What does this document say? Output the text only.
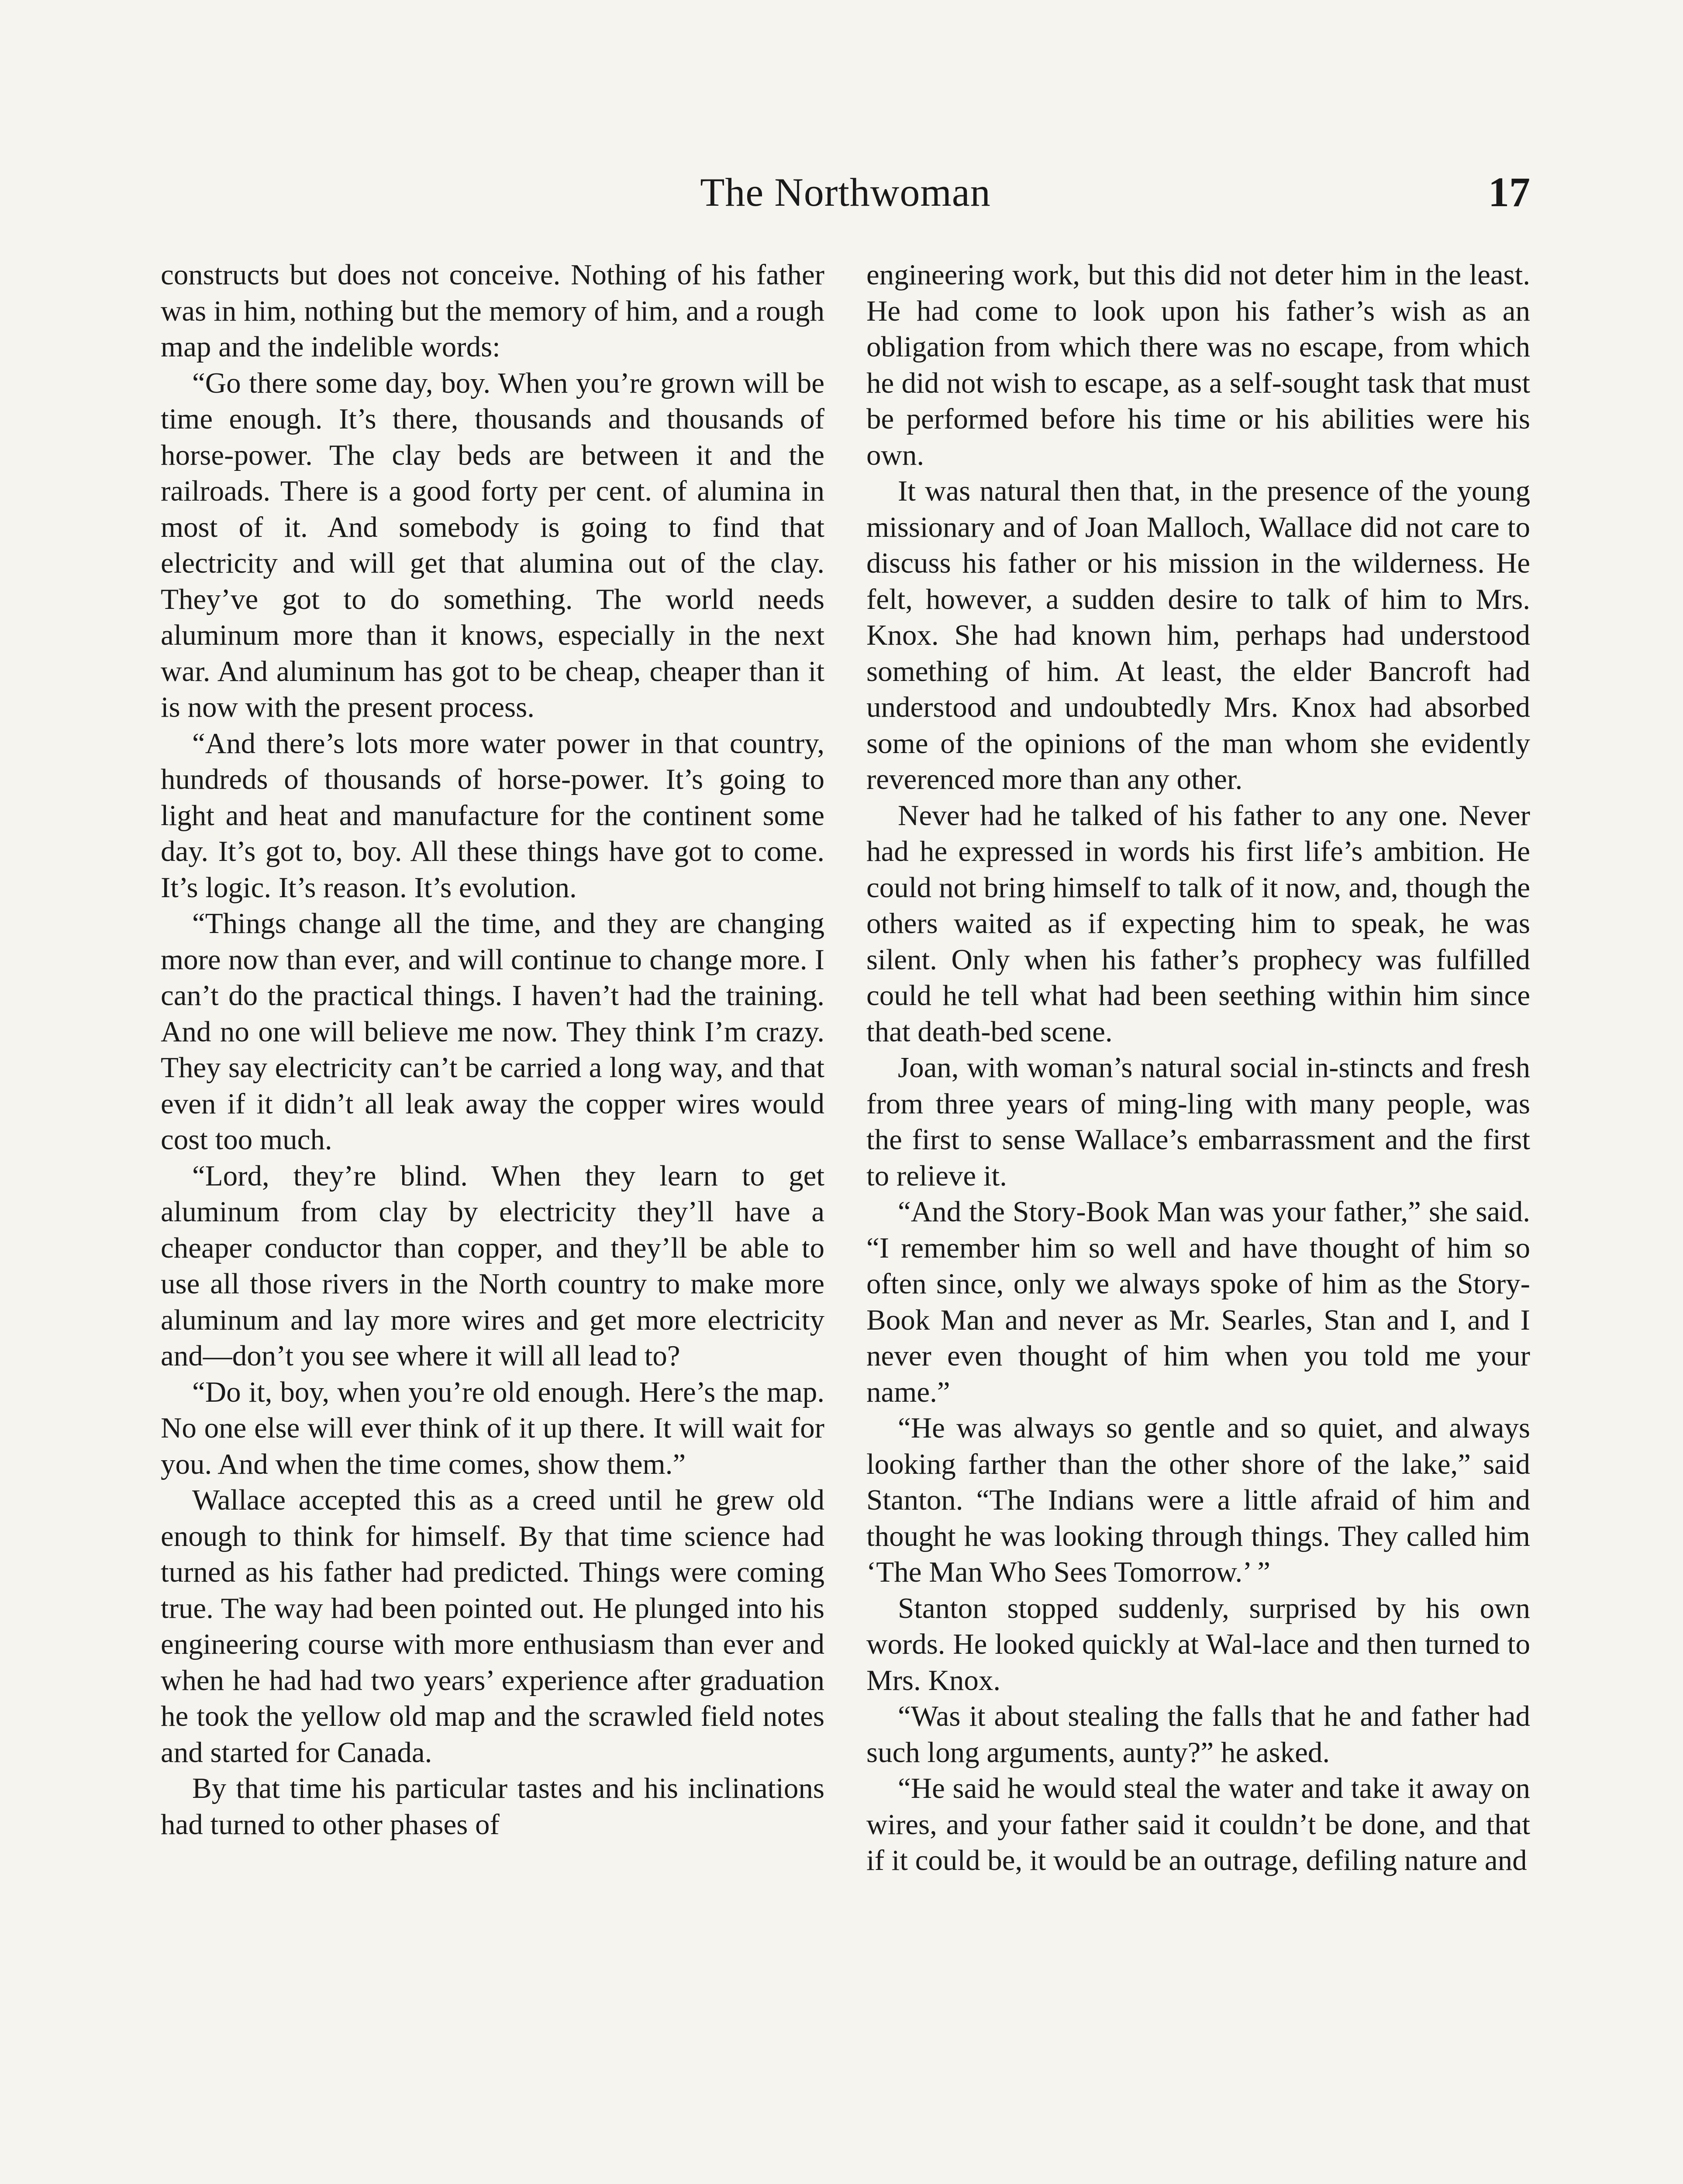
The Northwoman	17

constructs but does not conceive. Nothing of his father was in him, nothing but the memory of him, and a rough map and the indelible words:

“Go there some day, boy. When you’re grown will be time enough. It’s there, thousands and thousands of horse-power. The clay beds are between it and the railroads. There is a good forty per cent. of alumina in most of it. And somebody is going to find that electricity and will get that alumina out of the clay. They’ve got to do something. The world needs aluminum more than it knows, especially in the next war. And aluminum has got to be cheap, cheaper than it is now with the present process.

“And there’s lots more water power in that country, hundreds of thousands of horse-power. It’s going to light and heat and manufacture for the continent some day. It’s got to, boy. All these things have got to come. It’s logic. It’s reason. It’s evolution.

“Things change all the time, and they are changing more now than ever, and will continue to change more. I can’t do the practical things. I haven’t had the training. And no one will believe me now. They think I’m crazy. They say electricity can’t be carried a long way, and that even if it didn’t all leak away the copper wires would cost too much.

“Lord, they’re blind. When they learn to get aluminum from clay by electricity they’ll have a cheaper conductor than copper, and they’ll be able to use all those rivers in the North country to make more aluminum and lay more wires and get more electricity and—don’t you see where it will all lead to?

“Do it, boy, when you’re old enough. Here’s the map. No one else will ever think of it up there. It will wait for you. And when the time comes, show them.”

Wallace accepted this as a creed until he grew old enough to think for himself. By that time science had turned as his father had predicted. Things were coming true. The way had been pointed out. He plunged into his engineering course with more enthusiasm than ever and when he had had two years’ experience after graduation he took the yellow old map and the scrawled field notes and started for Canada.

By that time his particular tastes and his inclinations had turned to other phases of

engineering work, but this did not deter him in the least. He had come to look upon his father’s wish as an obligation from which there was no escape, from which he did not wish to escape, as a self-sought task that must be performed before his time or his abilities were his own.

It was natural then that, in the presence of the young missionary and of Joan Malloch, Wallace did not care to discuss his father or his mission in the wilderness. He felt, however, a sudden desire to talk of him to Mrs. Knox. She had known him, perhaps had understood something of him. At least, the elder Bancroft had understood and undoubtedly Mrs. Knox had absorbed some of the opinions of the man whom she evidently reverenced more than any other.

Never had he talked of his father to any one. Never had he expressed in words his first life’s ambition. He could not bring himself to talk of it now, and, though the others waited as if expecting him to speak, he was silent. Only when his father’s prophecy was fulfilled could he tell what had been seething within him since that death-bed scene.

Joan, with woman’s natural social in-stincts and fresh from three years of ming-ling with many people, was the first to sense Wallace’s embarrassment and the first to relieve it.

“And the Story-Book Man was your father,” she said. “I remember him so well and have thought of him so often since, only we always spoke of him as the Story-Book Man and never as Mr. Searles, Stan and I, and I never even thought of him when you told me your name.”

“He was always so gentle and so quiet, and always looking farther than the other shore of the lake,” said Stanton. “The Indians were a little afraid of him and thought he was looking through things. They called him ‘The Man Who Sees Tomorrow.’ ”

Stanton stopped suddenly, surprised by his own words. He looked quickly at Wal-lace and then turned to Mrs. Knox.

“Was it about stealing the falls that he and father had such long arguments, aunty?” he asked.

“He said he would steal the water and take it away on wires, and your father said it couldn’t be done, and that if it could be, it would be an outrage, defiling nature and
